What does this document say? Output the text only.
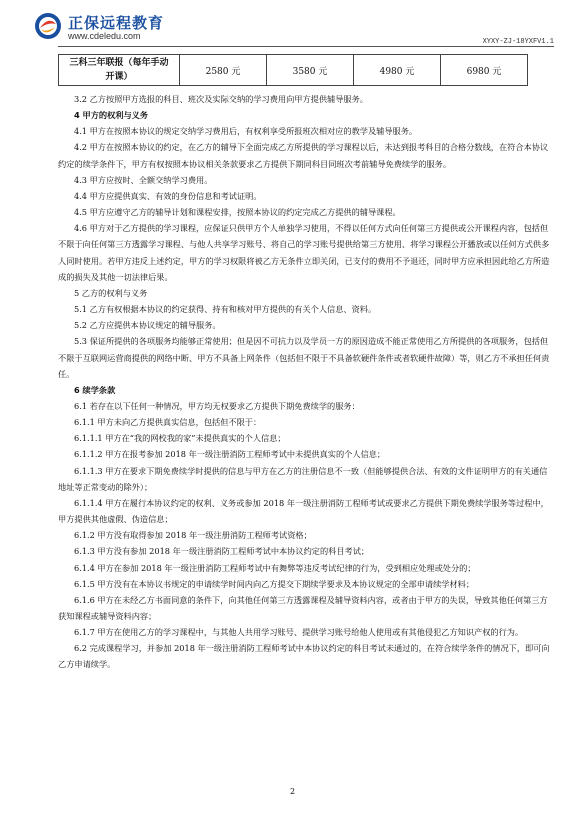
正保远程教育
www.cdeledu.com
XYXY-ZJ-18YXFV1.1
三科三年联报（每年手动
开课）	2580 元	3580 元	4980 元	6980 元

3.2 乙方按照甲方选报的科目、班次及实际交纳的学习费用向甲方提供辅导服务。

4 甲方的权利与义务

4.1 甲方在按照本协议的规定交纳学习费用后，有权利享受所报班次相对应的教学及辅导服务。

4.2 甲方在按照本协议的约定，在乙方的辅导下全面完成乙方所提供的学习课程以后，未达到报考科目的合格分数线，在符合本协议约定的续学条件下，甲方有权按照本协议相关条款要求乙方提供下期同科目同班次考前辅导免费续学的服务。

4.3 甲方应按时、全额交纳学习费用。

4.4 甲方应提供真实、有效的身份信息和考试证明。

4.5 甲方应遵守乙方的辅导计划和课程安排，按照本协议的约定完成乙方提供的辅导课程。

4.6 甲方对于乙方提供的学习课程，应保证只供甲方个人单独学习使用，不得以任何方式向任何第三方提供或公开课程内容，包括但不限于向任何第三方透露学习课程、与他人共享学习账号、将自己的学习账号提供给第三方使用、将学习课程公开播放或以任何方式供多人同时使用。若甲方违反上述约定，甲方的学习权限将被乙方无条件立即关闭，已支付的费用不予退还，同时甲方应承担因此给乙方所造成的损失及其他一切法律后果。

5 乙方的权利与义务

5.1 乙方有权根据本协议的约定获得、持有和核对甲方提供的有关个人信息、资料。

5.2 乙方应提供本协议规定的辅导服务。

5.3 保证所提供的各项服务均能够正常使用；但是因不可抗力以及学员一方的原因造成不能正常使用乙方所提供的各项服务，包括但不限于互联网运营商提供的网络中断、甲方不具备上网条件（包括但不限于不具备软硬件条件或者软硬件故障）等，则乙方不承担任何责任。

6 续学条款

6.1 若存在以下任何一种情况，甲方均无权要求乙方提供下期免费续学的服务：

6.1.1 甲方未向乙方提供真实信息，包括但不限于：

6.1.1.1 甲方在“我的网校我的家”未提供真实的个人信息；

6.1.1.2 甲方在报考参加 2018 年一级注册消防工程师考试中未提供真实的个人信息；

6.1.1.3 甲方在要求下期免费续学时提供的信息与甲方在乙方的注册信息不一致（但能够提供合法、有效的文件证明甲方的有关通信地址等正常变动的除外）；

6.1.1.4 甲方在履行本协议约定的权利、义务或参加 2018 年一级注册消防工程师考试或要求乙方提供下期免费续学服务等过程中，甲方提供其他虚假、伪造信息；

6.1.2 甲方没有取得参加 2018 年一级注册消防工程师考试资格；

6.1.3 甲方没有参加 2018 年一级注册消防工程师考试中本协议约定的科目考试；

6.1.4 甲方在参加 2018 年一级注册消防工程师考试中有舞弊等违反考试纪律的行为，受到相应处理或处分的；

6.1.5 甲方没有在本协议书规定的申请续学时间内向乙方提交下期续学要求及本协议规定的全部申请续学材料；

6.1.6 甲方在未经乙方书面同意的条件下，向其他任何第三方透露课程及辅导资料内容，或者由于甲方的失误，导致其他任何第三方获知课程或辅导资料内容；

6.1.7 甲方在使用乙方的学习课程中，与其他人共用学习账号、提供学习账号给他人使用或有其他侵犯乙方知识产权的行为。

6.2 完成课程学习，并参加 2018 年一级注册消防工程师考试中本协议约定的科目考试未通过的，在符合续学条件的情况下，即可向乙方申请续学。

2
